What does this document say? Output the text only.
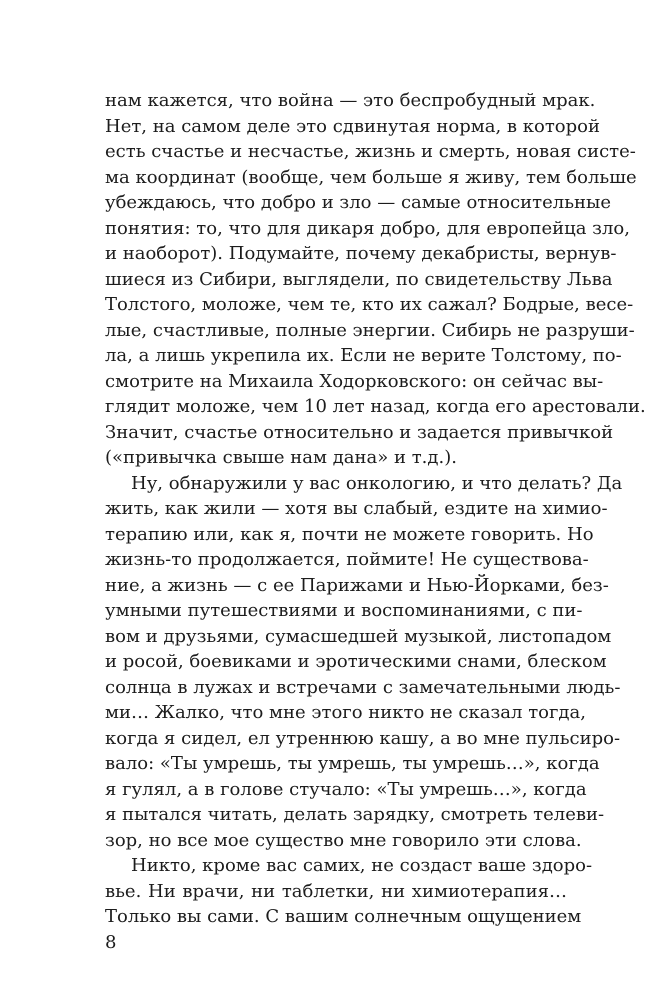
нам кажется, что война — это беспробудный мрак.
Нет, на самом деле это сдвинутая норма, в которой
есть счастье и несчастье, жизнь и смерть, новая систе-
ма координат (вообще, чем больше я живу, тем больше
убеждаюсь, что добро и зло — самые относительные
понятия: то, что для дикаря добро, для европейца зло,
и наоборот). Подумайте, почему декабристы, вернув-
шиеся из Сибири, выглядели, по свидетельству Льва
Толстого, моложе, чем те, кто их сажал? Бодрые, весе-
лые, счастливые, полные энергии. Сибирь не разруши-
ла, а лишь укрепила их. Если не верите Толстому, по-
смотрите на Михаила Ходорковского: он сейчас вы-
глядит моложе, чем 10 лет назад, когда его арестовали.
Значит, счастье относительно и задается привычкой
(«привычка свыше нам дана» и т.д.).
Ну, обнаружили у вас онкологию, и что делать? Да
жить, как жили — хотя вы слабый, ездите на химио-
терапию или, как я, почти не можете говорить. Но
жизнь-то продолжается, поймите! Не существова-
ние, а жизнь — с ее Парижами и Нью-Йорками, без-
умными путешествиями и воспоминаниями, с пи-
вом и друзьями, сумасшедшей музыкой, листопадом
и росой, боевиками и эротическими снами, блеском
солнца в лужах и встречами с замечательными людь-
ми… Жалко, что мне этого никто не сказал тогда,
когда я сидел, ел утреннюю кашу, а во мне пульсиро-
вало: «Ты умрешь, ты умрешь, ты умрешь…», когда
я гулял, а в голове стучало: «Ты умрешь…», когда
я пытался читать, делать зарядку, смотреть телеви-
зор, но все мое существо мне говорило эти слова.
Никто, кроме вас самих, не создаст ваше здоро-
вье. Ни врачи, ни таблетки, ни химиотерапия…
Только вы сами. С вашим солнечным ощущением
8
